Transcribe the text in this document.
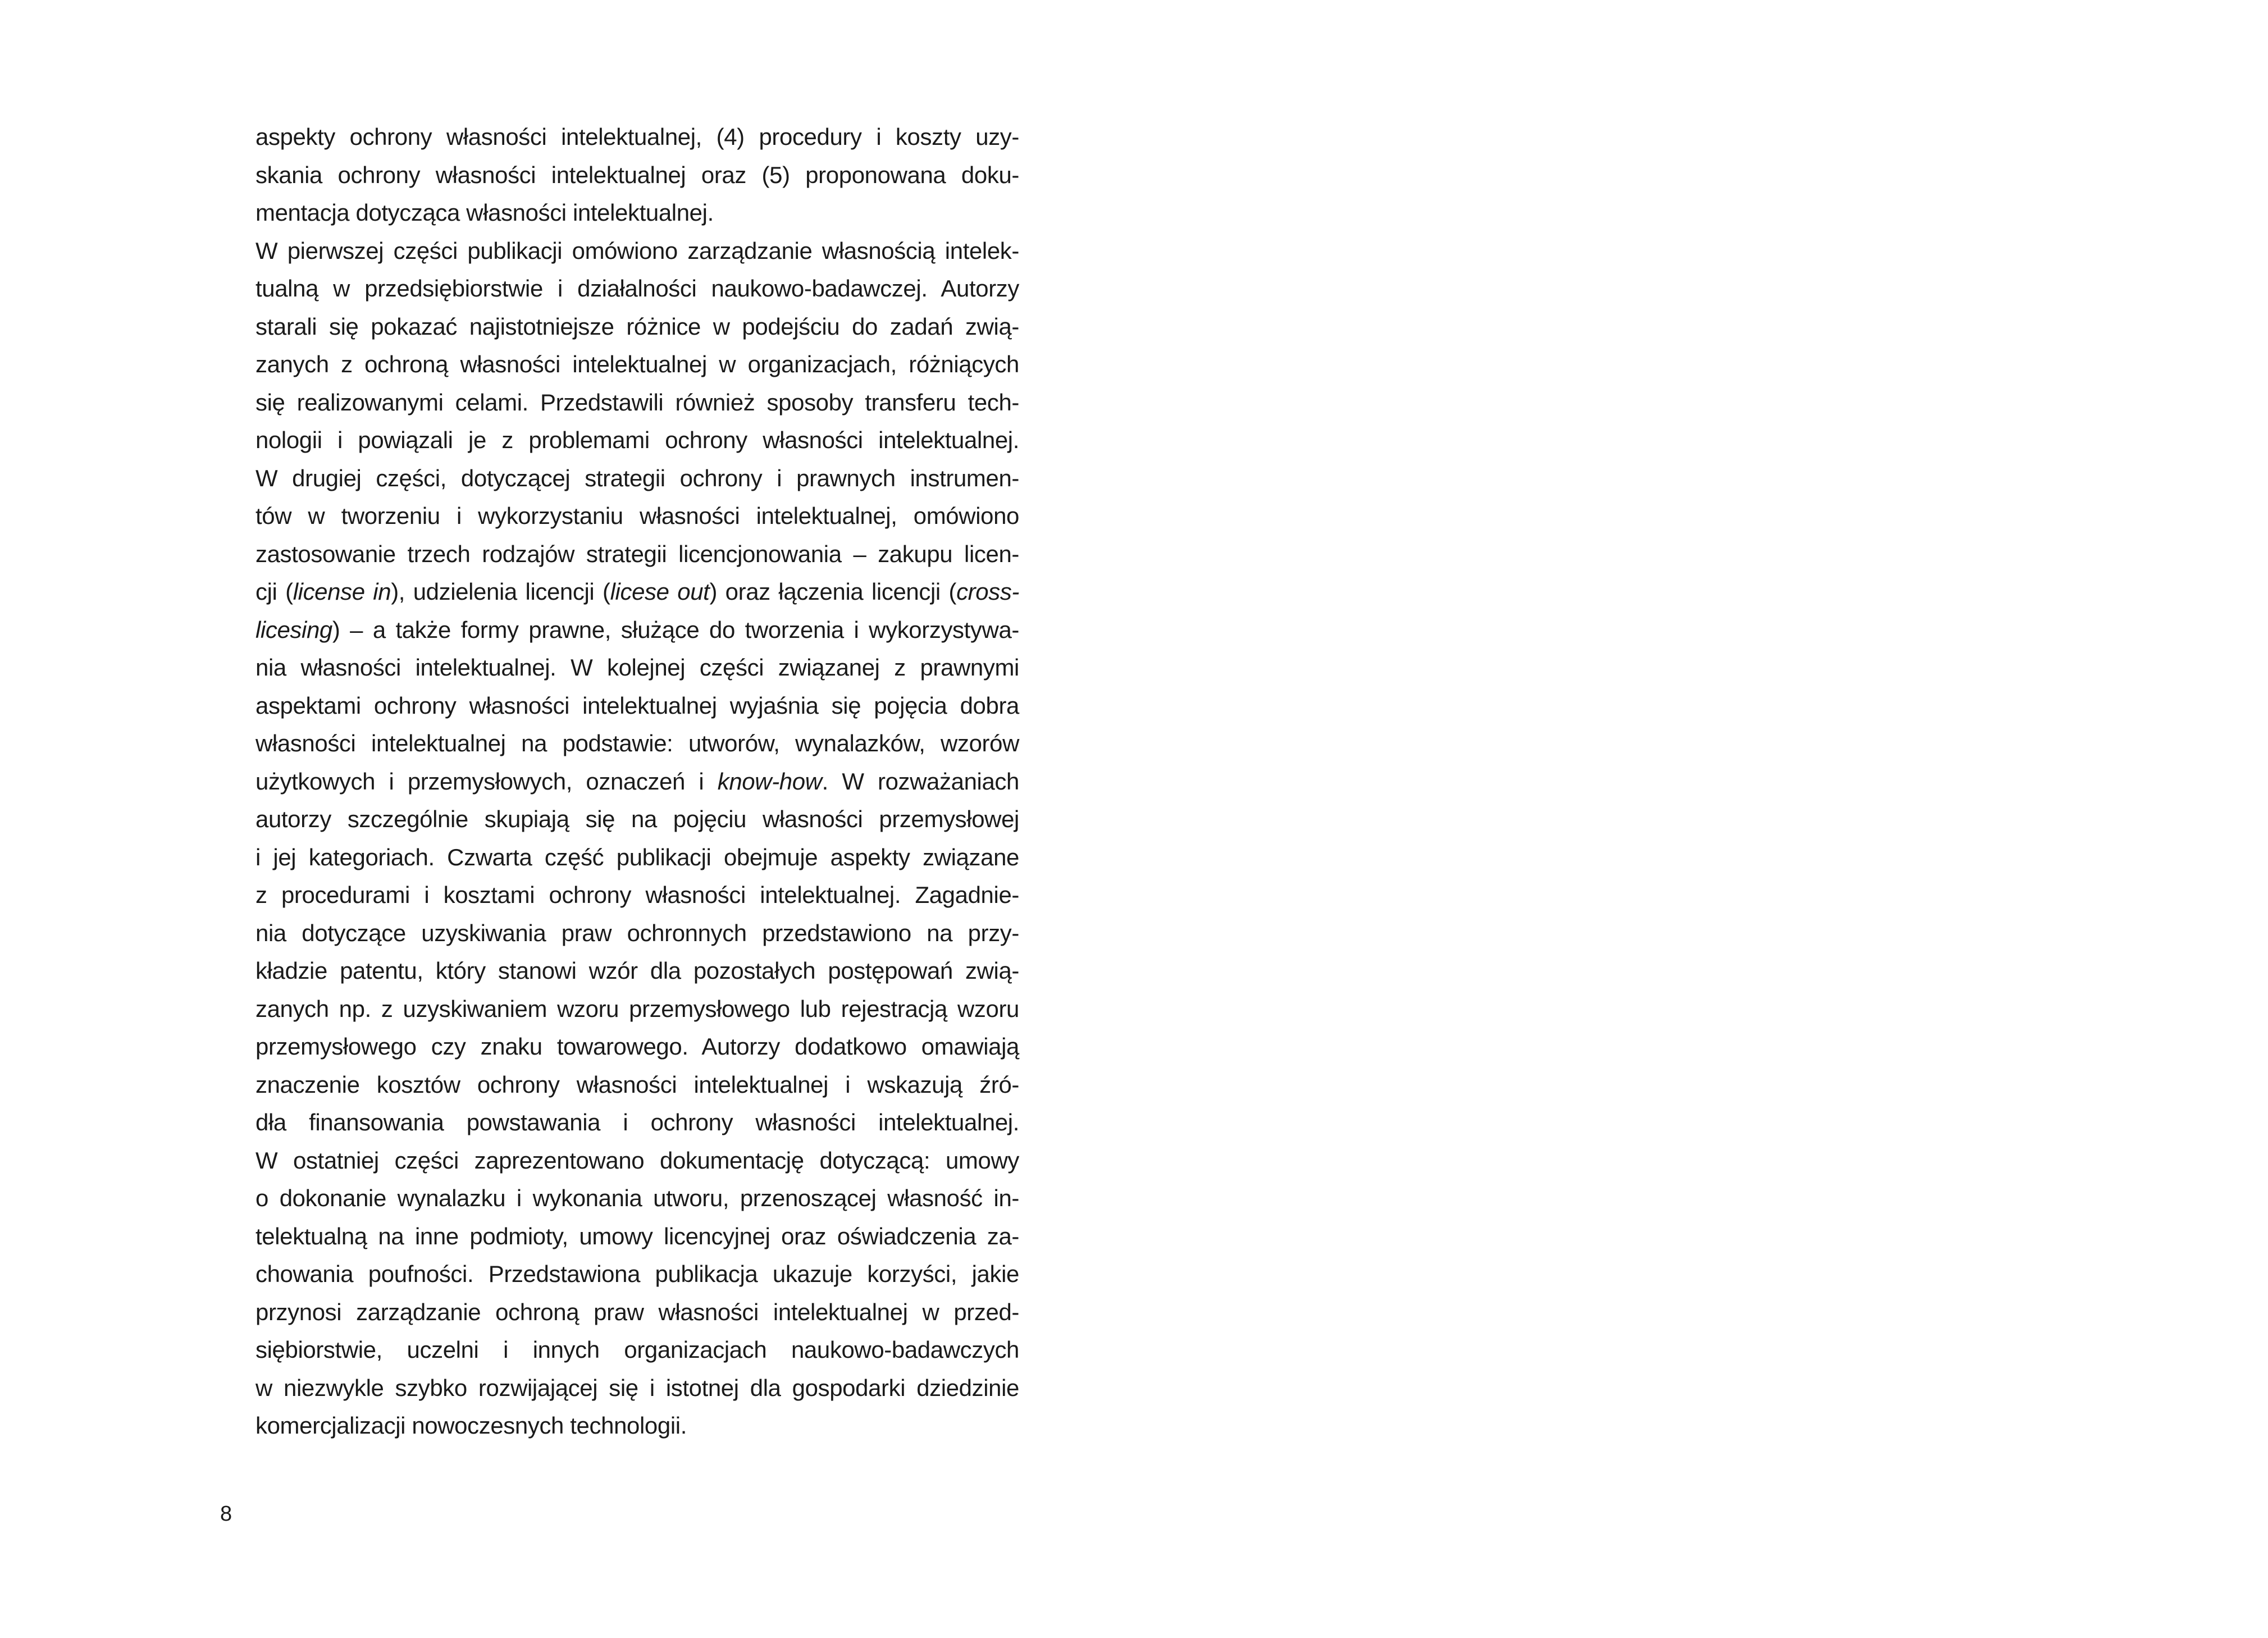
aspekty ochrony własności intelektualnej, (4) procedury i koszty uzy-
skania ochrony własności intelektualnej oraz (5) proponowana doku-
mentacja dotycząca własności intelektualnej.
W pierwszej części publikacji omówiono zarządzanie własnością intelek-
tualną w przedsiębiorstwie i działalności naukowo-badawczej. Autorzy
starali się pokazać najistotniejsze różnice w podejściu do zadań zwią-
zanych z ochroną własności intelektualnej w organizacjach, różniących
się realizowanymi celami. Przedstawili również sposoby transferu tech-
nologii i powiązali je z problemami ochrony własności intelektualnej.
W drugiej części, dotyczącej strategii ochrony i prawnych instrumen-
tów w tworzeniu i wykorzystaniu własności intelektualnej, omówiono
zastosowanie trzech rodzajów strategii licencjonowania – zakupu licen-
cji (license in), udzielenia licencji (licese out) oraz łączenia licencji (cross-
licesing) – a także formy prawne, służące do tworzenia i wykorzystywa-
nia własności intelektualnej. W kolejnej części związanej z prawnymi
aspektami ochrony własności intelektualnej wyjaśnia się pojęcia dobra
własności intelektualnej na podstawie: utworów, wynalazków, wzorów
użytkowych i przemysłowych, oznaczeń i know-how. W rozważaniach
autorzy szczególnie skupiają się na pojęciu własności przemysłowej
i jej kategoriach. Czwarta część publikacji obejmuje aspekty związane
z procedurami i kosztami ochrony własności intelektualnej. Zagadnie-
nia dotyczące uzyskiwania praw ochronnych przedstawiono na przy-
kładzie patentu, który stanowi wzór dla pozostałych postępowań zwią-
zanych np. z uzyskiwaniem wzoru przemysłowego lub rejestracją wzoru
przemysłowego czy znaku towarowego. Autorzy dodatkowo omawiają
znaczenie kosztów ochrony własności intelektualnej i wskazują źró-
dła finansowania powstawania i ochrony własności intelektualnej.
W ostatniej części zaprezentowano dokumentację dotyczącą: umowy
o dokonanie wynalazku i wykonania utworu, przenoszącej własność in-
telektualną na inne podmioty, umowy licencyjnej oraz oświadczenia za-
chowania poufności. Przedstawiona publikacja ukazuje korzyści, jakie
przynosi zarządzanie ochroną praw własności intelektualnej w przed-
siębiorstwie, uczelni i innych organizacjach naukowo-badawczych
w niezwykle szybko rozwijającej się i istotnej dla gospodarki dziedzinie
komercjalizacji nowoczesnych technologii.
8
